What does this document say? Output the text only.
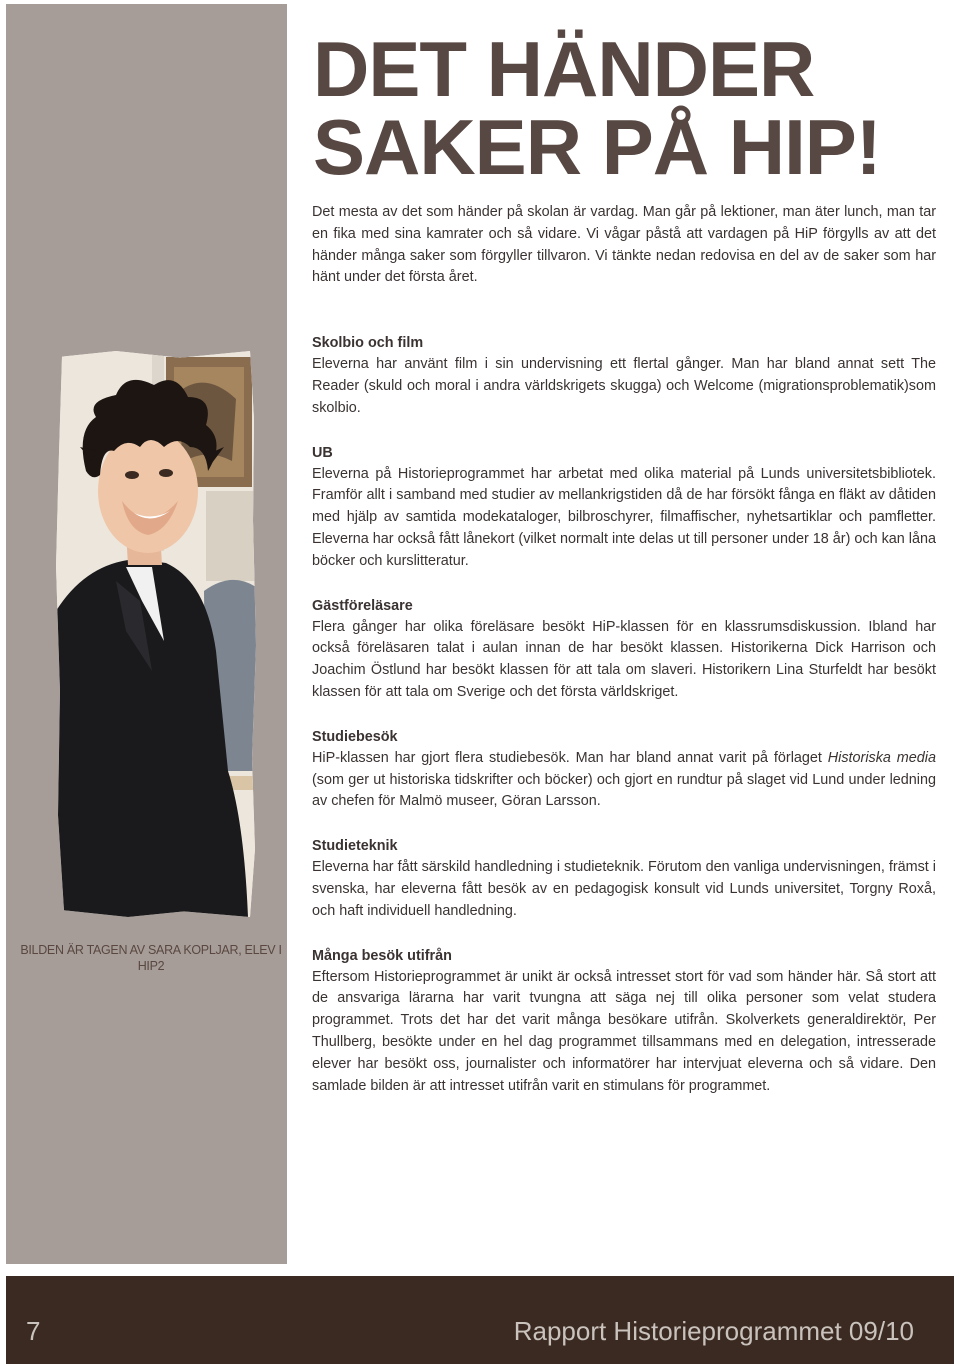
BILDEN ÄR TAGEN AV SARA KOPLJAR, ELEV I HIP2
DET HÄNDER
SAKER PÅ HIP!

Det mesta av det som händer på skolan är vardag. Man går på lektioner, man äter lunch, man tar en fika med sina kamrater och så vidare. Vi vågar påstå att vardagen på HiP förgylls av att det händer många saker som förgyller tillvaron. Vi tänkte nedan redovisa en del av de saker som har hänt under det första året.

Skolbio och film

Eleverna har använt film i sin undervisning ett flertal gånger. Man har bland annat sett The Reader (skuld och moral i andra världskrigets skugga) och Welcome (migrationsproblematik)som skolbio.

UB

Eleverna på Historieprogrammet har arbetat med olika material på Lunds universitetsbibliotek. Framför allt i samband med studier av mellankrigstiden då de har försökt fånga en fläkt av dåtiden med hjälp av samtida modekataloger, bilbroschyrer, filmaffischer, nyhetsartiklar och pamfletter. Eleverna har också fått lånekort (vilket normalt inte delas ut till personer under 18 år) och kan låna böcker och kurslitteratur.

Gästföreläsare

Flera gånger har olika föreläsare besökt HiP-klassen för en klassrumsdiskussion. Ibland har också föreläsaren talat i aulan innan de har besökt klassen. Historikerna Dick Harrison och Joachim Östlund har besökt klassen för att tala om slaveri. Historikern Lina Sturfeldt har besökt klassen för att tala om Sverige och det första världskriget.

Studiebesök

HiP-klassen har gjort flera studiebesök. Man har bland annat varit på förlaget Historiska media (som ger ut historiska tidskrifter och böcker) och gjort en rundtur på slaget vid Lund under ledning av chefen för Malmö museer, Göran Larsson.

Studieteknik

Eleverna har fått särskild handledning i studieteknik. Förutom den vanliga undervisningen, främst i svenska, har eleverna fått besök av en pedagogisk konsult vid Lunds universitet, Torgny Roxå, och haft individuell handledning.

Många besök utifrån

Eftersom Historieprogrammet är unikt är också intresset stort för vad som händer här. Så stort att de ansvariga lärarna har varit tvungna att säga nej till olika personer som velat studera programmet. Trots det har det varit många besökare utifrån. Skolverkets generaldirektör, Per Thullberg, besökte under en hel dag programmet tillsammans med en delegation, intresserade elever har besökt oss, journalister och informatörer har intervjuat eleverna och så vidare. Den samlade bilden är att intresset utifrån varit en stimulans för programmet.

7	Rapport Historieprogrammet 09/10
